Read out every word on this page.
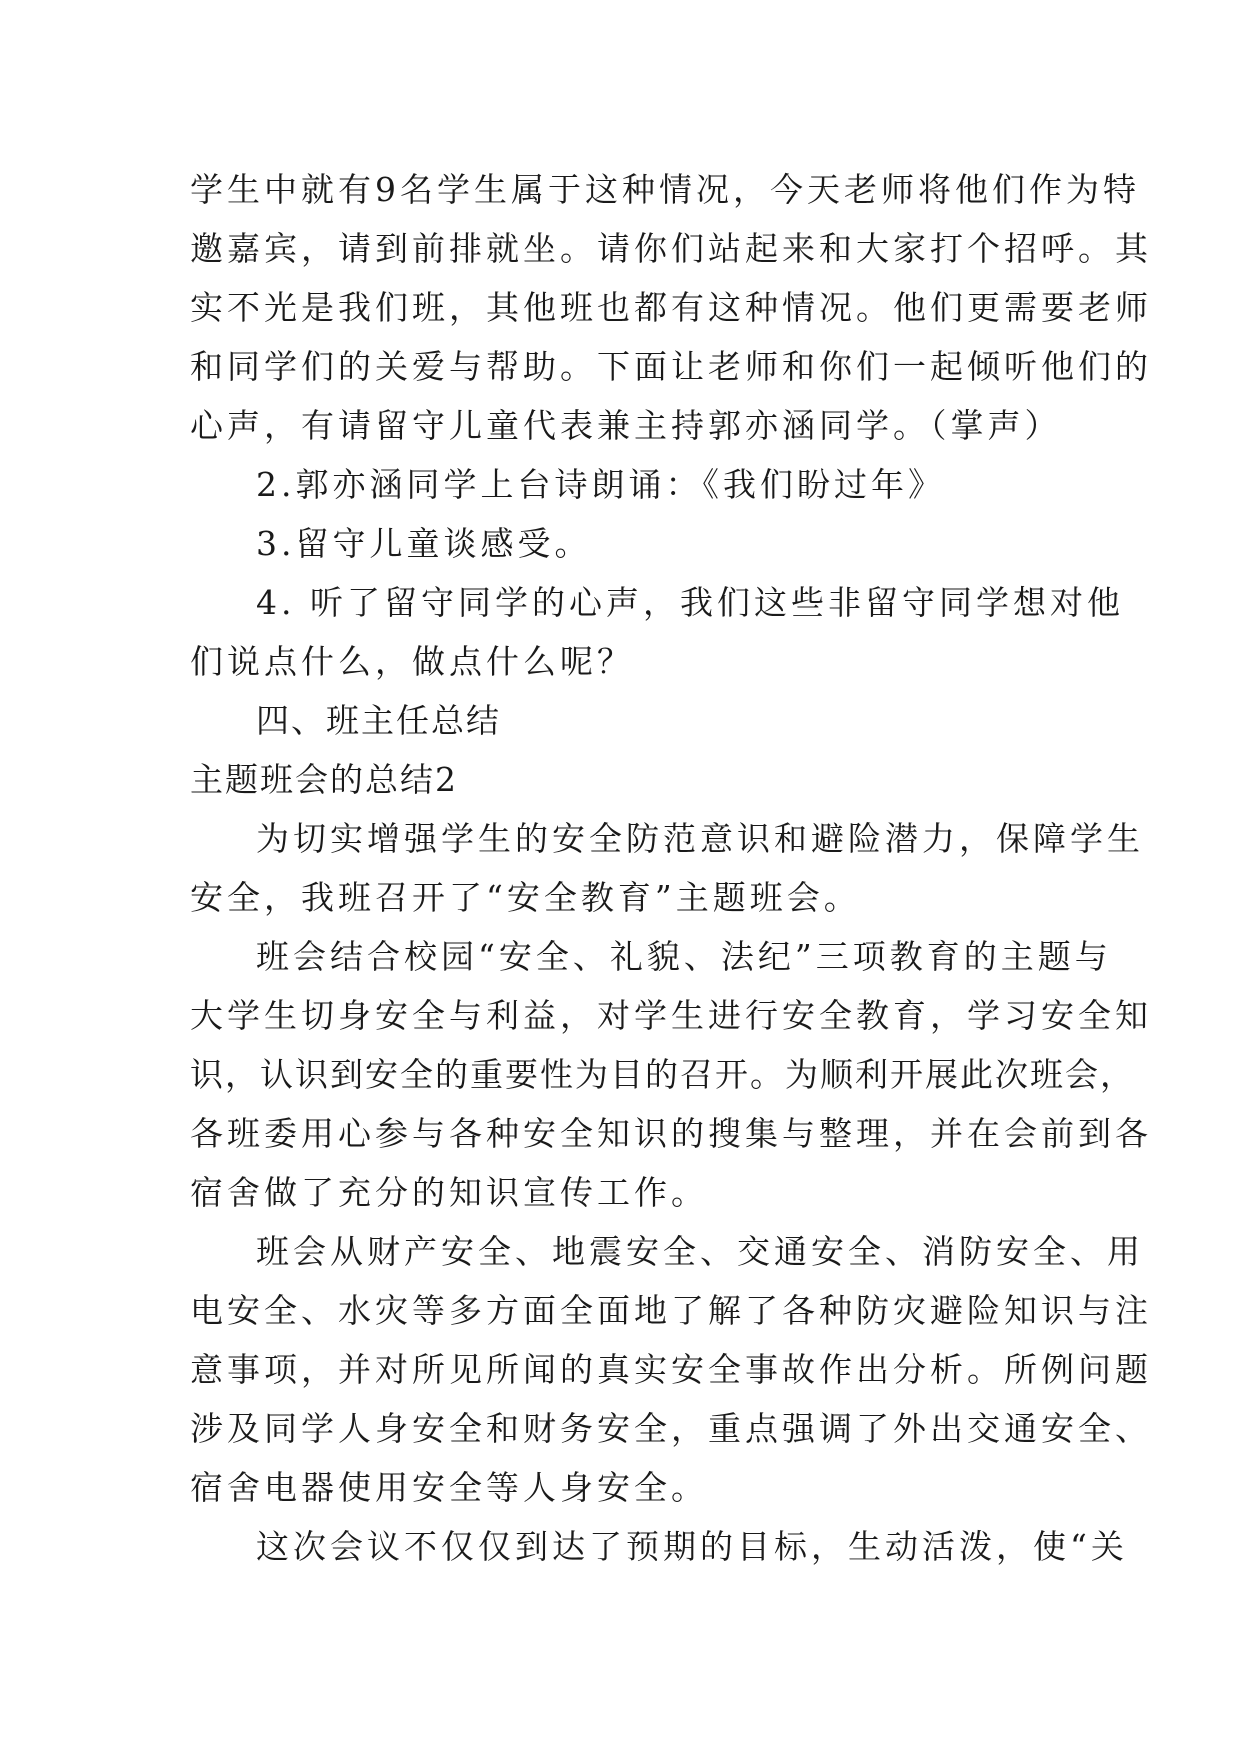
学生中就有9名学生属于这种情况，今天老师将他们作为特
邀嘉宾，请到前排就坐。请你们站起来和大家打个招呼。其
实不光是我们班，其他班也都有这种情况。他们更需要老师
和同学们的关爱与帮助。下面让老师和你们一起倾听他们的
心声，有请留守儿童代表兼主持郭亦涵同学。（掌声）
2.郭亦涵同学上台诗朗诵：《我们盼过年》
3.留守儿童谈感受。
4. 听了留守同学的心声，我们这些非留守同学想对他
们说点什么，做点什么呢？
四、班主任总结
主题班会的总结2
为切实增强学生的安全防范意识和避险潜力，保障学生
安全，我班召开了“安全教育”主题班会。
班会结合校园“安全、礼貌、法纪”三项教育的主题与
大学生切身安全与利益，对学生进行安全教育，学习安全知
识，认识到安全的重要性为目的召开。为顺利开展此次班会，
各班委用心参与各种安全知识的搜集与整理，并在会前到各
宿舍做了充分的知识宣传工作。
班会从财产安全、地震安全、交通安全、消防安全、用
电安全、水灾等多方面全面地了解了各种防灾避险知识与注
意事项，并对所见所闻的真实安全事故作出分析。所例问题
涉及同学人身安全和财务安全，重点强调了外出交通安全、
宿舍电器使用安全等人身安全。
这次会议不仅仅到达了预期的目标，生动活泼，使“关
